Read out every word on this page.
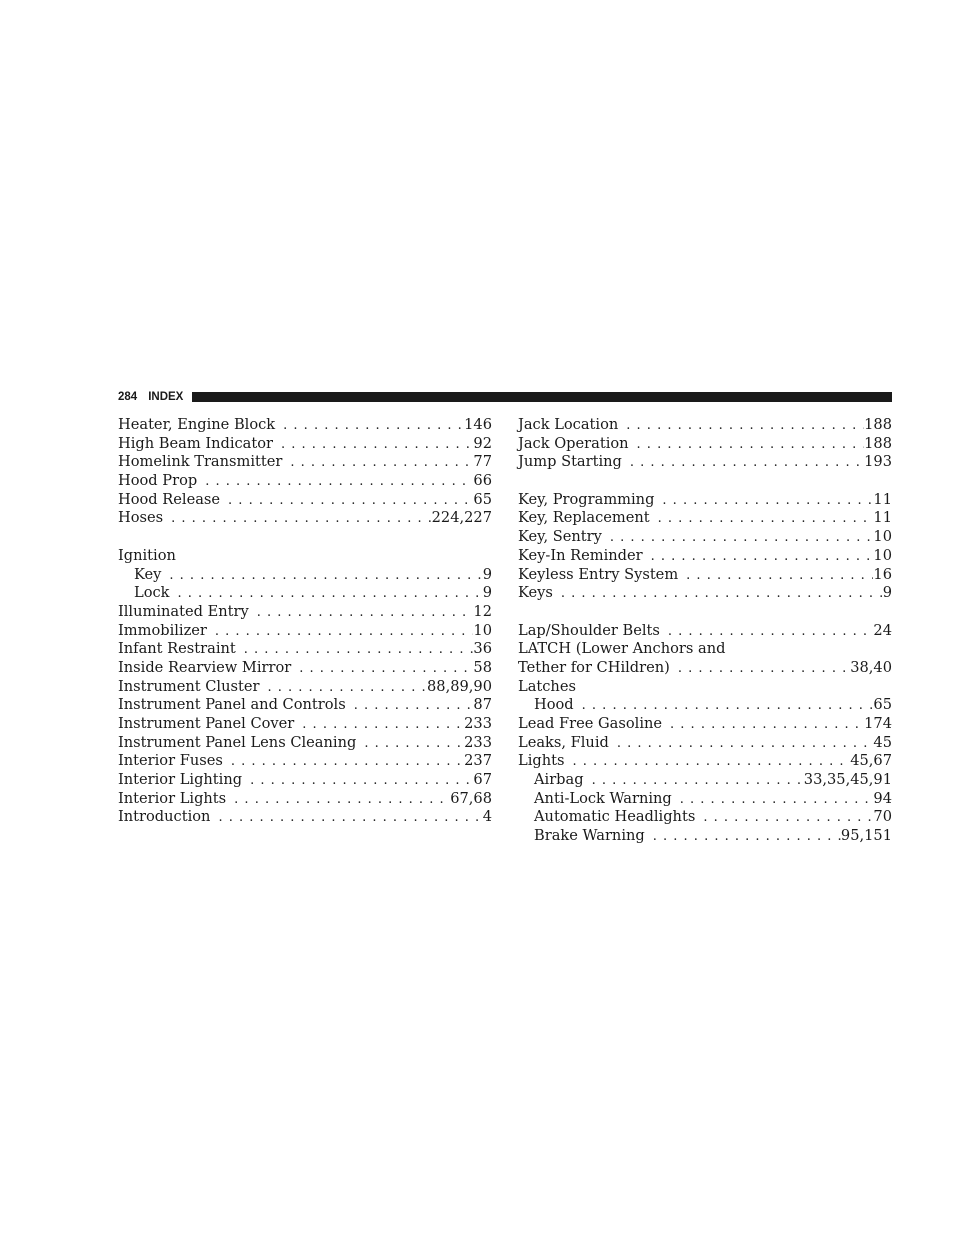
284 INDEX
Heater, Engine Block . . .	146
High Beam Indicator . . .	92
Homelink Transmitter . . .	77
Hood Prop . . .	66
Hood Release . . .	65
Hoses . . .	224,227
Ignition
Key . . .	9
Lock . . .	9
Illuminated Entry . . .	12
Immobilizer . . .	10
Infant Restraint . . .	36
Inside Rearview Mirror . . .	58
Instrument Cluster . . .	88,89,90
Instrument Panel and Controls . . .	87
Instrument Panel Cover . . .	233
Instrument Panel Lens Cleaning . . .	233
Interior Fuses . . .	237
Interior Lighting . . .	67
Interior Lights . . .	67,68
Introduction . . .	4
Jack Location . . .	188
Jack Operation . . .	188
Jump Starting . . .	193
Key, Programming . . .	11
Key, Replacement . . .	11
Key, Sentry . . .	10
Key-In Reminder . . .	10
Keyless Entry System . . .	16
Keys . . .	9
Lap/Shoulder Belts . . .	24
LATCH (Lower Anchors and
Tether for CHildren) . . .	38,40
Latches
Hood . . .	65
Lead Free Gasoline . . .	174
Leaks, Fluid . . .	45
Lights . . .	45,67
Airbag . . .	33,35,45,91
Anti-Lock Warning . . .	94
Automatic Headlights . . .	70
Brake Warning . . .	95,151
